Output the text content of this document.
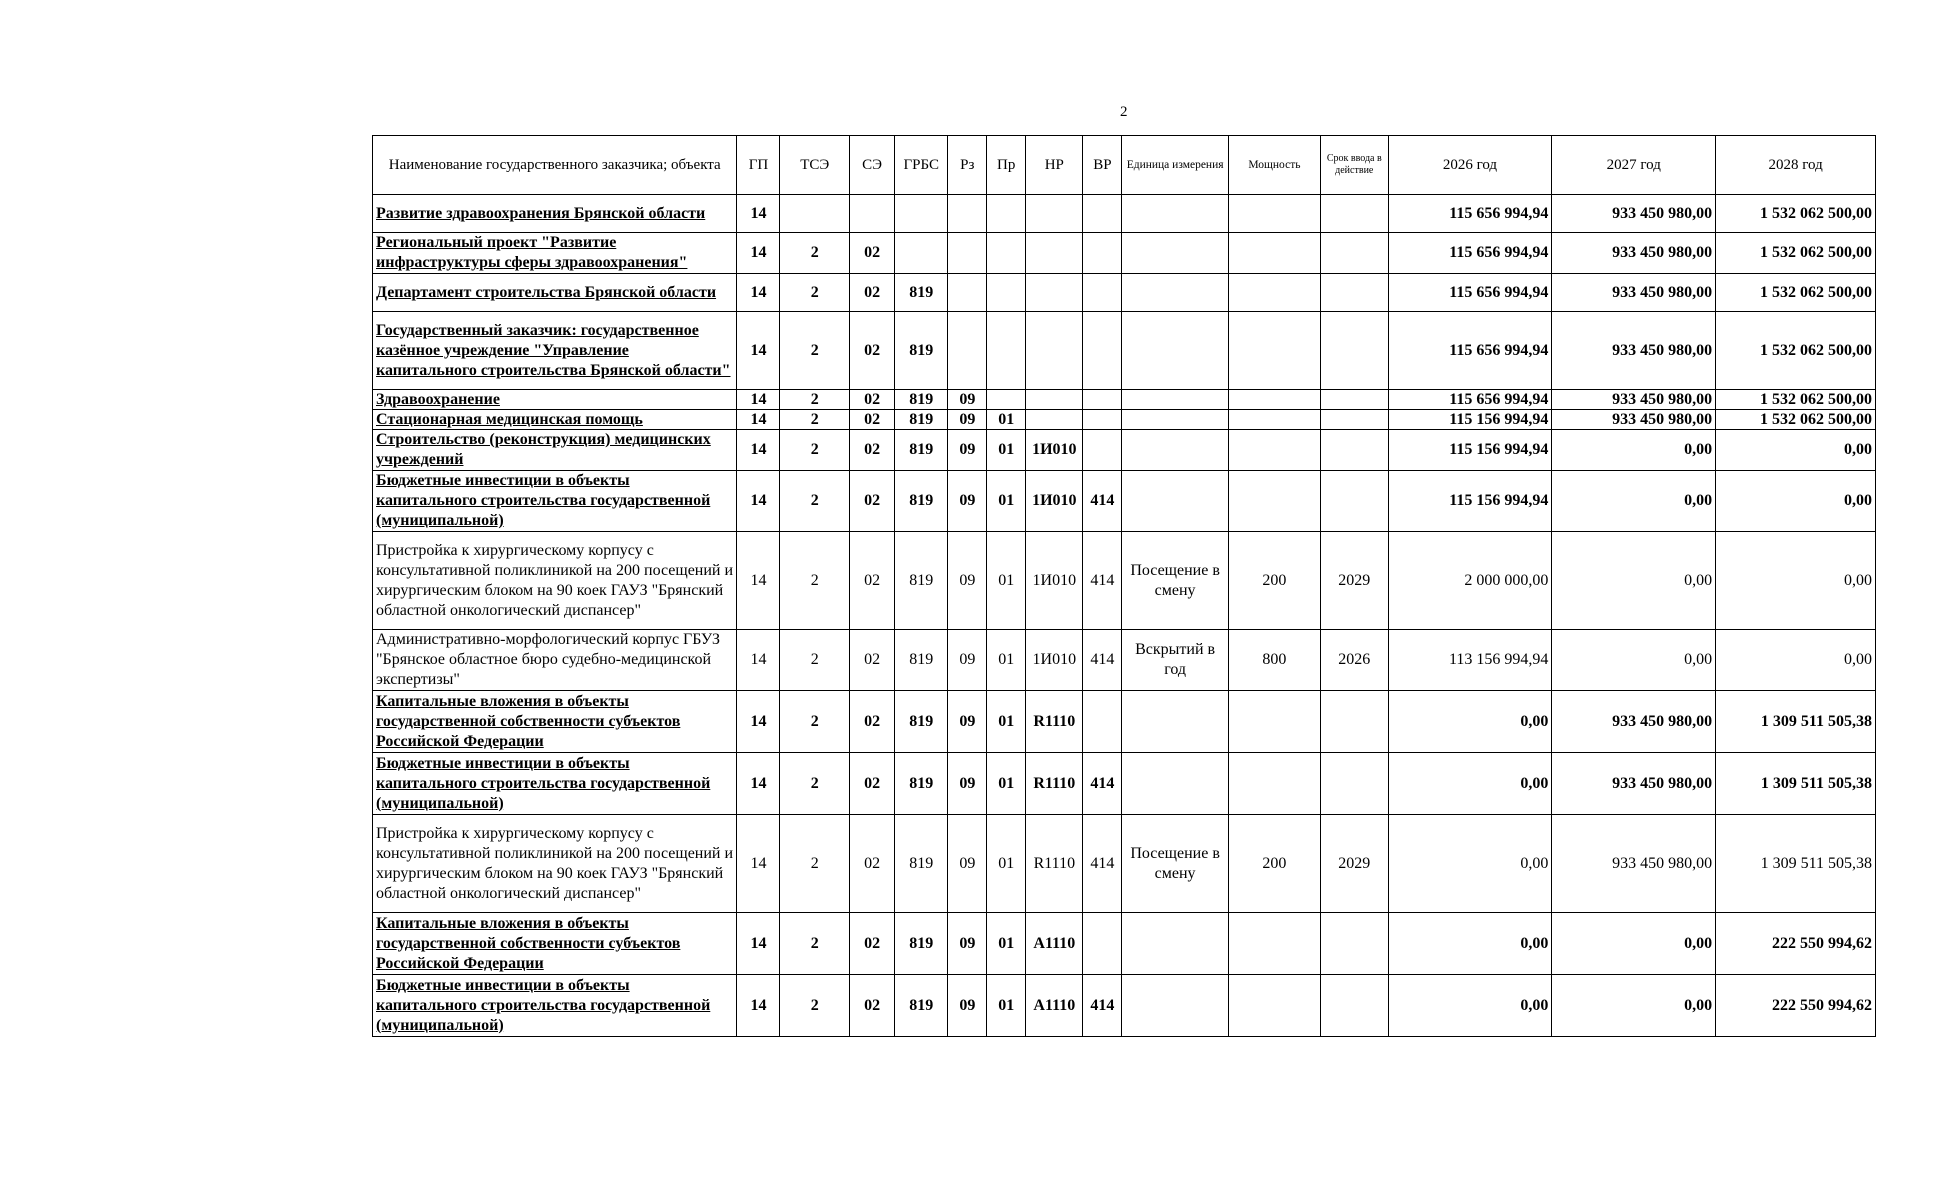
2
Наименование государственного заказчика; объекта	ГП	ТСЭ	СЭ	ГРБС	Рз	Пр	НР	ВР	Единица измерения	Мощность	Срок ввода в действие	2026 год	2027 год	2028 год
Развитие здравоохранения Брянской области	14											115 656 994,94	933 450 980,00	1 532 062 500,00
Региональный проект "Развитие инфраструктуры сферы здравоохранения"	14	2	02									115 656 994,94	933 450 980,00	1 532 062 500,00
Департамент строительства Брянской области	14	2	02	819								115 656 994,94	933 450 980,00	1 532 062 500,00
Государственный заказчик: государственное казённое учреждение "Управление капитального строительства Брянской области"	14	2	02	819								115 656 994,94	933 450 980,00	1 532 062 500,00
Здравоохранение	14	2	02	819	09							115 656 994,94	933 450 980,00	1 532 062 500,00
Стационарная медицинская помощь	14	2	02	819	09	01						115 156 994,94	933 450 980,00	1 532 062 500,00
Строительство (реконструкция) медицинских учреждений	14	2	02	819	09	01	1И010					115 156 994,94	0,00	0,00
Бюджетные инвестиции в объекты капитального строительства государственной (муниципальной)	14	2	02	819	09	01	1И010	414				115 156 994,94	0,00	0,00
Пристройка к хирургическому корпусу с консультативной поликлиникой на 200 посещений и хирургическим блоком на 90 коек ГАУЗ "Брянский областной онкологический диспансер"	14	2	02	819	09	01	1И010	414	Посещение в смену	200	2029	2 000 000,00	0,00	0,00
Административно-морфологический корпус ГБУЗ "Брянское областное бюро судебно-медицинской экспертизы"	14	2	02	819	09	01	1И010	414	Вскрытий в год	800	2026	113 156 994,94	0,00	0,00
Капитальные вложения в объекты государственной собственности субъектов Российской Федерации	14	2	02	819	09	01	R1110					0,00	933 450 980,00	1 309 511 505,38
Бюджетные инвестиции в объекты капитального строительства государственной (муниципальной)	14	2	02	819	09	01	R1110	414				0,00	933 450 980,00	1 309 511 505,38
Пристройка к хирургическому корпусу с консультативной поликлиникой на 200 посещений и хирургическим блоком на 90 коек ГАУЗ "Брянский областной онкологический диспансер"	14	2	02	819	09	01	R1110	414	Посещение в смену	200	2029	0,00	933 450 980,00	1 309 511 505,38
Капитальные вложения в объекты государственной собственности субъектов Российской Федерации	14	2	02	819	09	01	A1110					0,00	0,00	222 550 994,62
Бюджетные инвестиции в объекты капитального строительства государственной (муниципальной)	14	2	02	819	09	01	A1110	414				0,00	0,00	222 550 994,62
